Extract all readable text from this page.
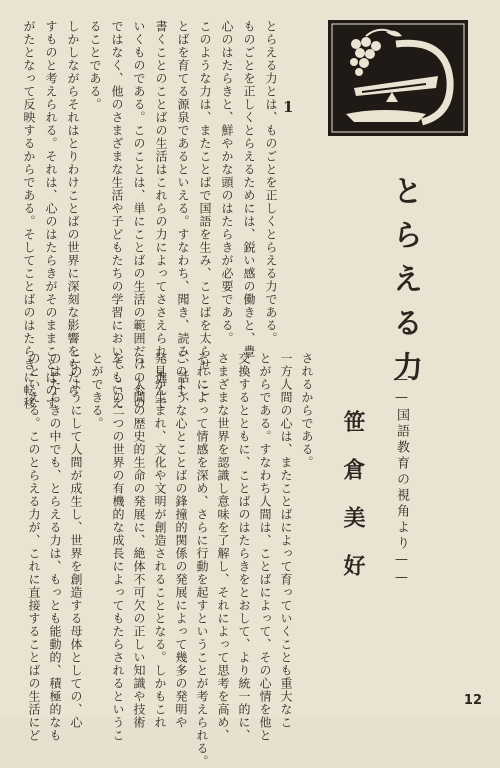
1
とらえる力とは、ものごとを正しくとらえる力である。
ものごとを正しくとらえるためには、鋭い感の働きと、豊
心のはたらきと、鮮やかな頭のはたらきが必要である。
このような力は、またことばで国語を生み、ことばを太らせ、こ
とばを育てる源泉であるといえる。すなわち、聞き、読み、話し、
書くことのことばの生活はこれらの力によってささえられ、進んで
いくものである。このことは、単にことばの生活の範囲だけのもの
ではなく、他のさまざまな生活や子どもたちの学習においてもいえ
ることである。
しかしながらそれはとりわけことばの世界に深刻な影響をもたら
すものと考えられる。それは、心のはたらきがそのままことばのす
がたとなって反映するからである。そしてことばのはたらきに転移
されるからである。
一方人間の心は、またことばによって育っていくことも重大なこ
とがらである。すなわち人間は、ことばによって、その心情を他と
交換するとともに、ことばのはたらきをとおして、より統一的に、
さまざまな世界を認識し意味を了解し、それによって思考を高め、
それによって情感を深め、さらに行動を起すということが考えられる。
このような心とことばの鋒撞的関係の発展によって幾多の発明や
発見が生まれ、文化や文明が創造されることとなる。しかもこれ
ら、人間の歴史的生命の発展に、絶体不可欠の正しい知識や技術
を、この二つの世界の有機的な成長によってもたらされるというこ
とができる。
このようにして人間が成生し、世界を創造する母体としての、心
のはたらきの中でも、とらえる力は、もっとも能動的、積極的なも
のといえる。このとらえる力が、これに直接することばの生活にど
とらえる力
——国語教育の視角より——
笹倉美好
12
